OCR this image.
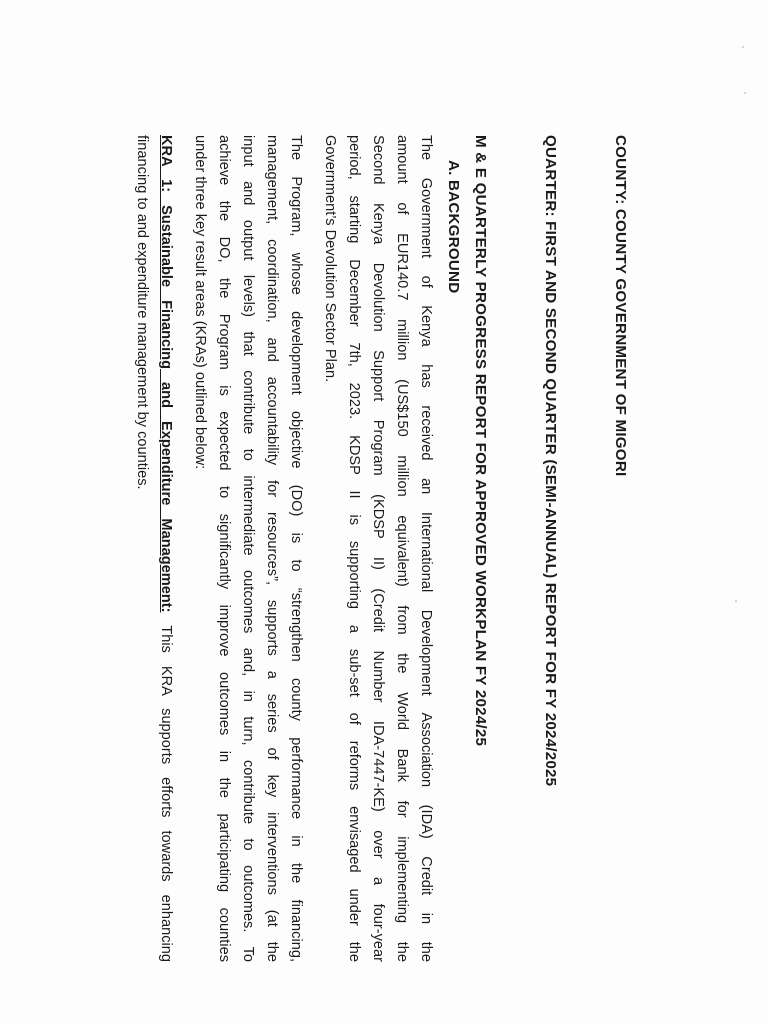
COUNTY: COUNTY GOVERNMENT OF MIGORI
QUARTER: FIRST AND SECOND QUARTER (SEMI-ANNUAL) REPORT FOR FY 2024/2025
M & E QUARTERLY PROGRESS REPORT FOR APPROVED WORKPLAN FY 2024/25
A. BACKGROUND
The Government of Kenya has received an International Development Association (IDA) Credit in the
amount of EUR140.7 million (US$150 million equivalent) from the World Bank for implementing the
Second Kenya Devolution Support Program (KDSP II) (Credit Number IDA-7447-KE) over a four-year
period, starting December 7th, 2023. KDSP II is supporting a sub-set of reforms envisaged under the
Government’s Devolution Sector Plan.
The Program, whose development objective (DO) is to “strengthen county performance in the financing,
management, coordination, and accountability for resources”, supports a series of key interventions (at the
input and output levels) that contribute to intermediate outcomes and, in turn, contribute to outcomes. To
achieve the DO, the Program is expected to significantly improve outcomes in the participating counties
under three key result areas (KRAs) outlined below:
KRA 1: Sustainable Financing and Expenditure Management: This KRA supports efforts towards enhancing
financing to and expenditure management by counties.
